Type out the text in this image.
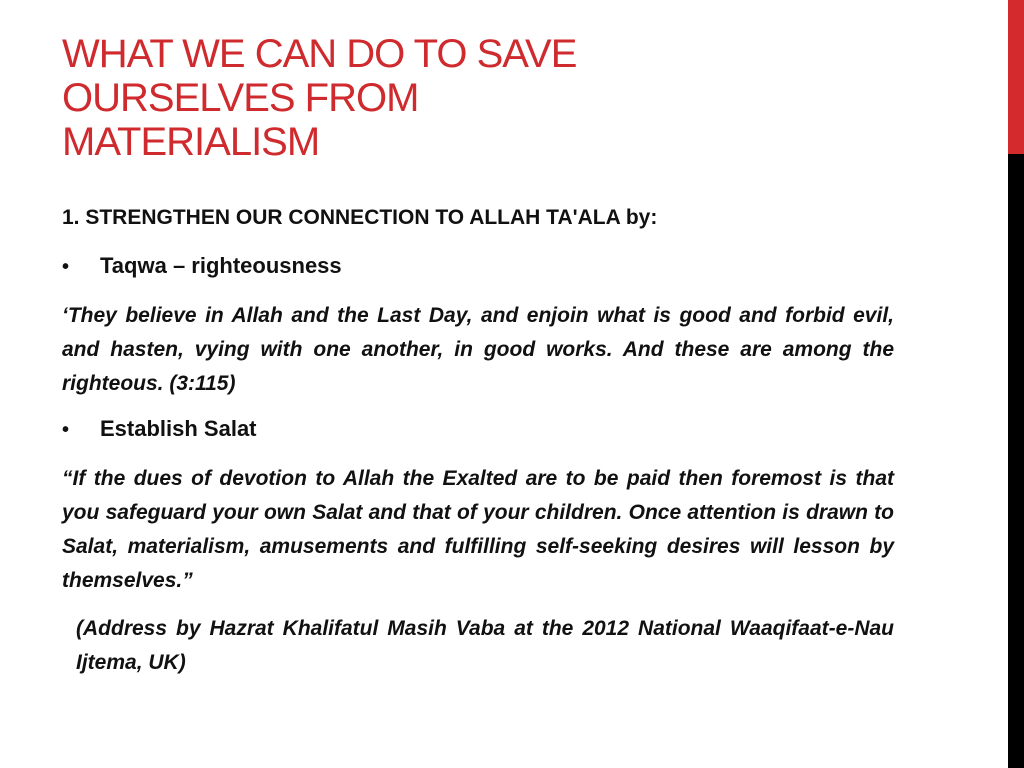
WHAT WE CAN DO TO SAVE
OURSELVES FROM
MATERIALISM

1. STRENGTHEN OUR CONNECTION TO ALLAH TA'ALA by:

•	Taqwa – righteousness

‘They believe in Allah and the Last Day, and enjoin what is good and forbid evil, and hasten, vying with one another, in good works. And these are among the righteous. (3:115)

•	Establish Salat

“If the dues of devotion to Allah the Exalted are to be paid then foremost is that you safeguard your own Salat and that of your children. Once attention is drawn to Salat, materialism, amusements and fulfilling self-seeking desires will lesson by themselves.”

(Address by Hazrat Khalifatul Masih Vaba at the 2012 National Waaqifaat-e-Nau Ijtema, UK)
